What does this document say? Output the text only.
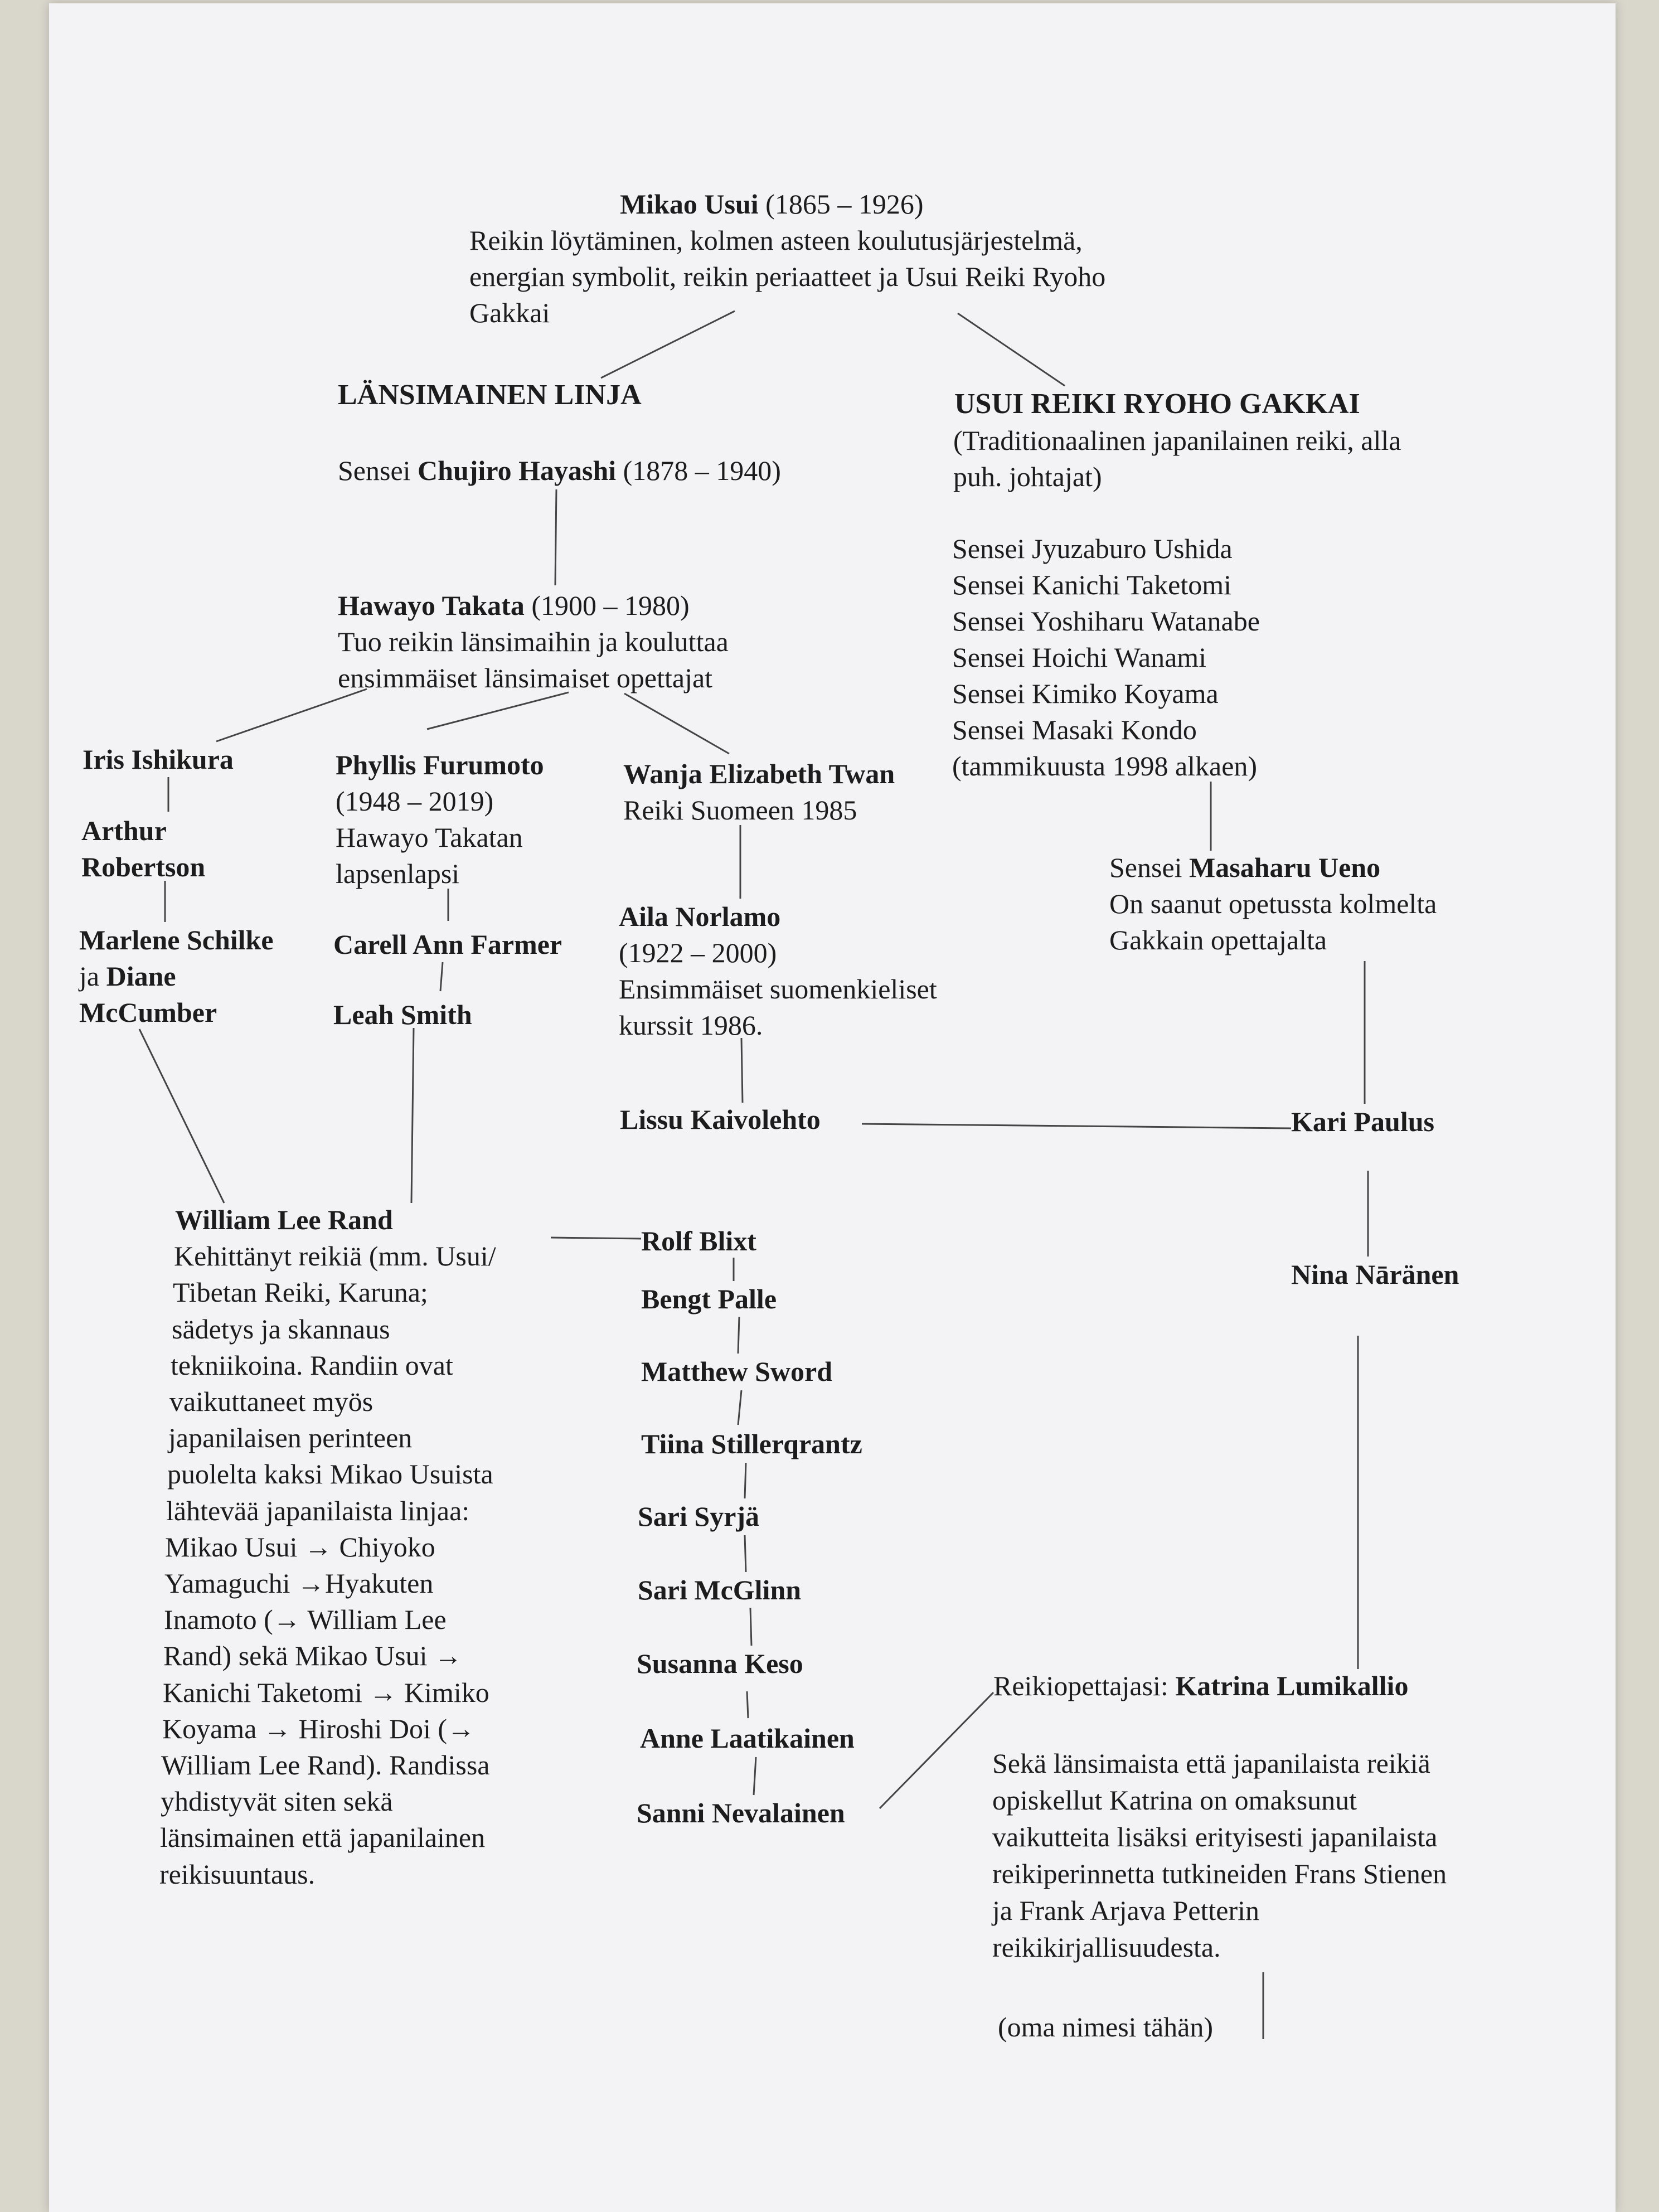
Mikao Usui (1865 – 1926)
Reikin löytäminen, kolmen asteen koulutusjärjestelmä,
energian symbolit, reikin periaatteet ja Usui Reiki Ryoho
Gakkai
LÄNSIMAINEN LINJA
Sensei Chujiro Hayashi (1878 – 1940)
Hawayo Takata (1900 – 1980)
Tuo reikin länsimaihin ja kouluttaa
ensimmäiset länsimaiset opettajat
USUI REIKI RYOHO GAKKAI
(Traditionaalinen japanilainen reiki, alla
puh. johtajat)
Sensei Jyuzaburo Ushida
Sensei Kanichi Taketomi
Sensei Yoshiharu Watanabe
Sensei Hoichi Wanami
Sensei Kimiko Koyama
Sensei Masaki Kondo
(tammikuusta 1998 alkaen)
Sensei Masaharu Ueno
On saanut opetussta kolmelta
Gakkain opettajalta
Kari Paulus
Nina Nāränen
Iris Ishikura
Arthur
Robertson
Marlene Schilke
ja Diane
McCumber
Phyllis Furumoto
(1948 – 2019)
Hawayo Takatan
lapsenlapsi
Carell Ann Farmer
Leah Smith
Wanja Elizabeth Twan
Reiki Suomeen 1985
Aila Norlamo
(1922 – 2000)
Ensimmäiset suomenkieliset
kurssit 1986.
Lissu Kaivolehto
William Lee Rand
Kehittänyt reikiä (mm. Usui/
Tibetan Reiki, Karuna;
sädetys ja skannaus
tekniikoina. Randiin ovat
vaikuttaneet myös
japanilaisen perinteen
puolelta kaksi Mikao Usuista
lähtevää japanilaista linjaa:
Mikao Usui → Chiyoko
Yamaguchi →Hyakuten
Inamoto (→ William Lee
Rand) sekä Mikao Usui →
Kanichi Taketomi → Kimiko
Koyama → Hiroshi Doi (→
William Lee Rand). Randissa
yhdistyvät siten sekä
länsimainen että japanilainen
reikisuuntaus.
Rolf Blixt
Bengt Palle
Matthew Sword
Tiina Stillerqrantz
Sari Syrjä
Sari McGlinn
Susanna Keso
Anne Laatikainen
Sanni Nevalainen
Reikiopettajasi: Katrina Lumikallio
Sekä länsimaista että japanilaista reikiä
opiskellut Katrina on omaksunut
vaikutteita lisäksi erityisesti japanilaista
reikiperinnetta tutkineiden Frans Stienen
ja Frank Arjava Petterin
reikikirjallisuudesta.
(oma nimesi tähän)
